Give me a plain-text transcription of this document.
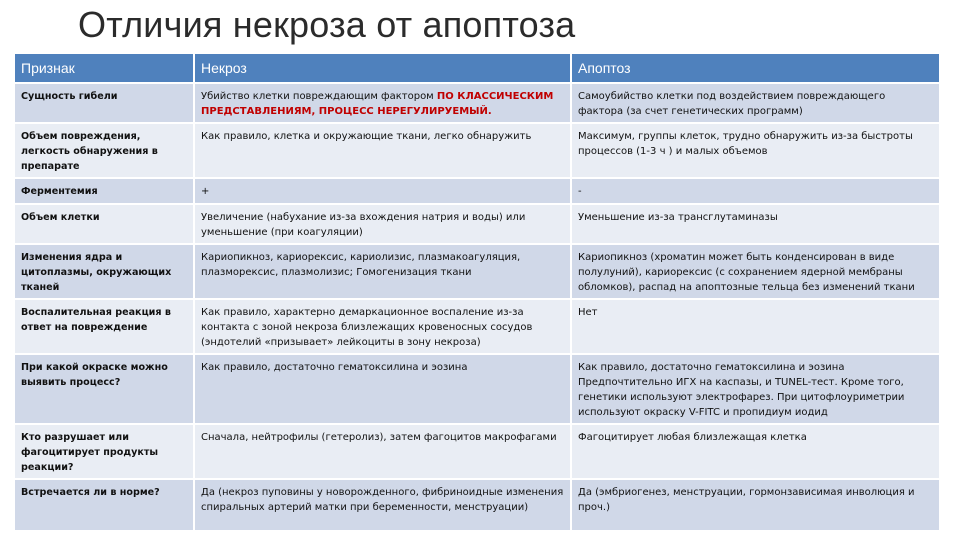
Отличия некроза от апоптоза
Признак	Некроз	Апоптоз
Сущность гибели	Убийство клетки повреждающим фактором ПО КЛАССИЧЕСКИМ ПРЕДСТАВЛЕНИЯМ, ПРОЦЕСС НЕРЕГУЛИРУЕМЫЙ.	Самоубийство клетки под воздействием повреждающего фактора (за счет генетических программ)
Объем повреждения, легкость обнаружения в препарате	Как правило, клетка и окружающие ткани, легко обнаружить	Максимум, группы клеток, трудно обнаружить из-за быстроты процессов (1-3 ч ) и малых объемов
Ферментемия	+	-
Объем клетки	Увеличение (набухание из-за вхождения натрия и воды) или уменьшение (при коагуляции)	Уменьшение из-за трансглутаминазы
Изменения ядра и цитоплазмы, окружающих тканей	Кариопикноз, кариорексис, кариолизис, плазмакоагуляция, плазморексис, плазмолизис; Гомогенизация ткани	Кариопикноз (хроматин может быть конденсирован в виде полулуний), кариорексис (с сохранением ядерной мембраны обломков), распад на апоптозные тельца без изменений ткани
Воспалительная реакция в ответ на повреждение	Как правило, характерно демаркационное воспаление из-за контакта с зоной некроза близлежащих кровеносных сосудов (эндотелий «призывает» лейкоциты в зону некроза)	Нет
При какой окраске можно выявить процесс?	Как правило, достаточно гематоксилина и эозина	Как правило, достаточно гематоксилина и эозина Предпочтительно ИГХ на каспазы, и TUNEL-тест. Кроме того, генетики используют электрофарез. При цитофлоуриметрии используют окраску V-FITC и пропидиум иодид
Кто разрушает или фагоцитирует продукты реакции?	Сначала, нейтрофилы (гетеролиз), затем фагоцитов макрофагами	Фагоцитирует любая близлежащая клетка
Встречается ли в норме?	Да (некроз пуповины у новорожденного, фибриноидные изменения спиральных артерий матки при беременности, менструации)	Да (эмбриогенез, менструации, гормонзависимая инволюция и проч.)
